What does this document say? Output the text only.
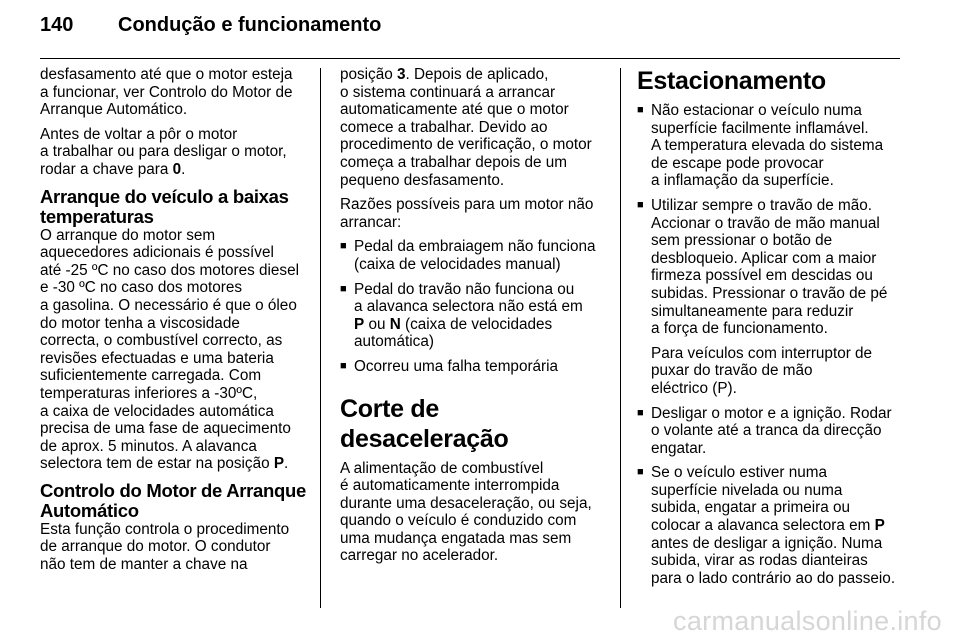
140 Condução e funcionamento

desfasamento até que o motor esteja
a funcionar, ver Controlo do Motor de
Arranque Automático.

Antes de voltar a pôr o motor
a trabalhar ou para desligar o motor,
rodar a chave para 0.

Arranque do veículo a baixas
temperaturas

O arranque do motor sem
aquecedores adicionais é possível
até -25 ºC no caso dos motores diesel
e -30 ºC no caso dos motores
a gasolina. O necessário é que o óleo
do motor tenha a viscosidade
correcta, o combustível correcto, as
revisões efectuadas e uma bateria
suficientemente carregada. Com
temperaturas inferiores a -30ºC,
a caixa de velocidades automática
precisa de uma fase de aquecimento
de aprox. 5 minutos. A alavanca
selectora tem de estar na posição P.

Controlo do Motor de Arranque
Automático

Esta função controla o procedimento
de arranque do motor. O condutor
não tem de manter a chave na

posição 3. Depois de aplicado,
o sistema continuará a arrancar
automaticamente até que o motor
comece a trabalhar. Devido ao
procedimento de verificação, o motor
começa a trabalhar depois de um
pequeno desfasamento.

Razões possíveis para um motor não
arrancar:

■ Pedal da embraiagem não funciona
(caixa de velocidades manual)
■ Pedal do travão não funciona ou
a alavanca selectora não está em
P ou N (caixa de velocidades
automática)
■ Ocorreu uma falha temporária
Corte de desaceleração

A alimentação de combustível
é automaticamente interrompida
durante uma desaceleração, ou seja,
quando o veículo é conduzido com
uma mudança engatada mas sem
carregar no acelerador.

Estacionamento
■ Não estacionar o veículo numa
superfície facilmente inflamável.
A temperatura elevada do sistema
de escape pode provocar
a inflamação da superfície.
■ Utilizar sempre o travão de mão.
Accionar o travão de mão manual
sem pressionar o botão de
desbloqueio. Aplicar com a maior
firmeza possível em descidas ou
subidas. Pressionar o travão de pé
simultaneamente para reduzir
a força de funcionamento.
Para veículos com interruptor de
puxar do travão de mão
eléctrico (P).
■ Desligar o motor e a ignição. Rodar
o volante até a tranca da direcção
engatar.
■ Se o veículo estiver numa
superfície nivelada ou numa
subida, engatar a primeira ou
colocar a alavanca selectora em P
antes de desligar a ignição. Numa
subida, virar as rodas dianteiras
para o lado contrário ao do passeio.
carmanualsonline.info
